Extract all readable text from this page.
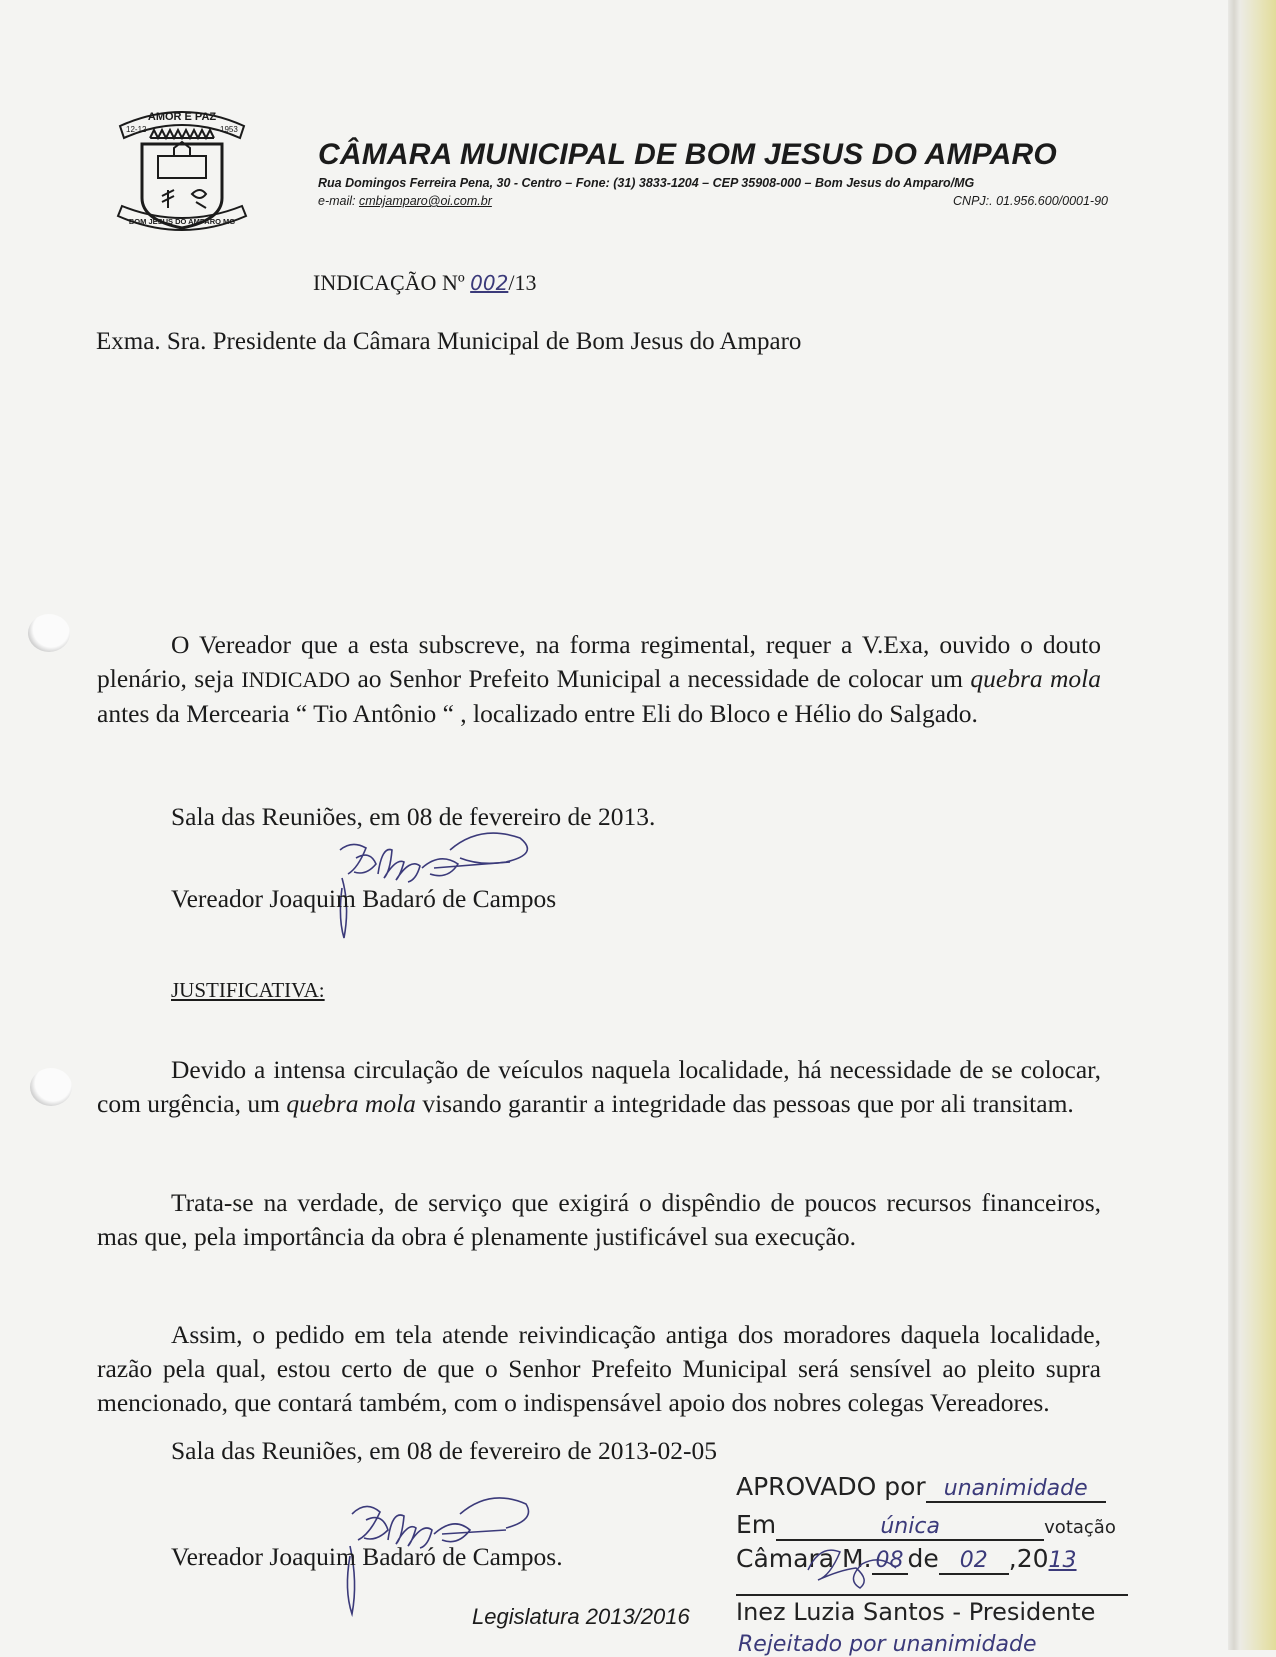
AMOR E PAZ
12-12	1953
BOM JESUS DO AMPARO MG
CÂMARA MUNICIPAL DE BOM JESUS DO AMPARO
Rua Domingos Ferreira Pena, 30 - Centro – Fone: (31) 3833-1204 – CEP 35908-000 – Bom Jesus do Amparo/MG
e-mail: cmbjamparo@oi.com.br	CNPJ:. 01.956.600/0001-90
INDICAÇÃO Nº 002/13
Exma. Sra. Presidente da Câmara Municipal de Bom Jesus do Amparo

O Vereador que a esta subscreve, na forma regimental, requer a V.Exa, ouvido o douto plenário, seja INDICADO ao Senhor Prefeito Municipal a necessidade de colocar um quebra mola antes da Mercearia “ Tio Antônio “ , localizado entre Eli do Bloco e Hélio do Salgado.

Sala das Reuniões, em 08 de fevereiro de 2013.
Vereador Joaquim Badaró de Campos
JUSTIFICATIVA:

Devido a intensa circulação de veículos naquela localidade, há necessidade de se colocar, com urgência, um quebra mola visando garantir a integridade das pessoas que por ali transitam.

Trata-se na verdade, de serviço que exigirá o dispêndio de poucos recursos financeiros, mas que, pela importância da obra é plenamente justificável sua execução.

Assim, o pedido em tela atende reivindicação antiga dos moradores daquela localidade, razão pela qual, estou certo de que o Senhor Prefeito Municipal será sensível ao pleito supra mencionado, que contará também, com o indispensável apoio dos nobres colegas Vereadores.

Sala das Reuniões, em 08 de fevereiro de 2013-02-05
Vereador Joaquim Badaró de Campos.
APROVADO por unanimidade
Em	única	votação
Câmara M. 08 de 02 ,2013
Inez Luzia Santos - Presidente
Legislatura 2013/2016
Rejeitado por unanimidade
